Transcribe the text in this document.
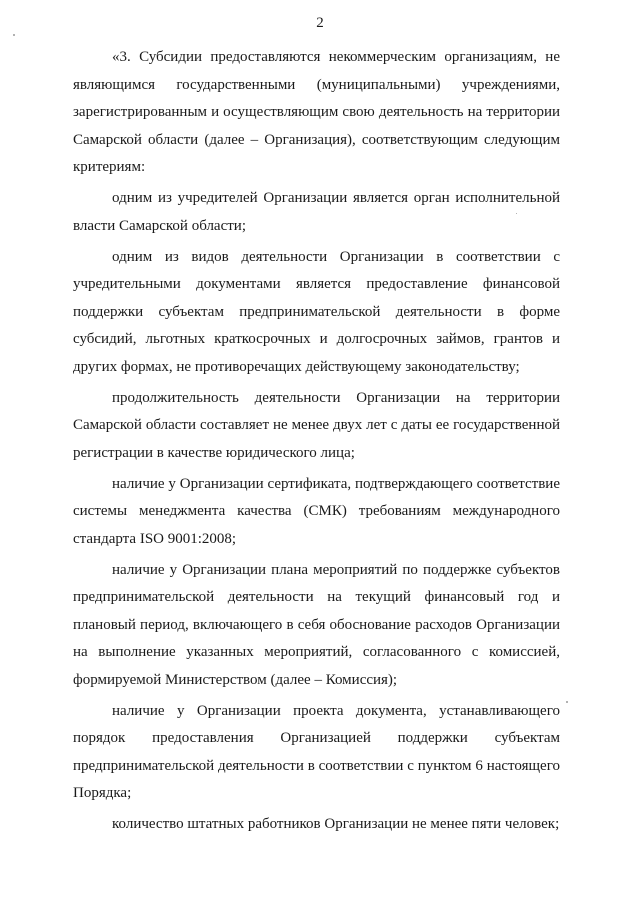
2

«3. Субсидии предоставляются некоммерческим организациям, не являющимся государственными (муниципальными) учреждениями, зарегистрированным и осуществляющим свою деятельность на территории Самарской области (далее – Организация), соответствующим следующим критериям:

одним из учредителей Организации является орган исполнительной власти Самарской области;

одним из видов деятельности Организации в соответствии с учредительными документами является предоставление финансовой поддержки субъектам предпринимательской деятельности в форме субсидий, льготных краткосрочных и долгосрочных займов, грантов и других формах, не противоречащих действующему законодательству;

продолжительность деятельности Организации на территории Самарской области составляет не менее двух лет с даты ее государственной регистрации в качестве юридического лица;

наличие у Организации сертификата, подтверждающего соответствие системы менеджмента качества (СМК) требованиям международного стандарта ISO 9001:2008;

наличие у Организации плана мероприятий по поддержке субъектов предпринимательской деятельности на текущий финансовый год и плановый период, включающего в себя обоснование расходов Организации на выполнение указанных мероприятий, согласованного с комиссией, формируемой Министерством (далее – Комиссия);

наличие у Организации проекта документа, устанавливающего порядок предоставления Организацией поддержки субъектам предпринимательской деятельности в соответствии с пунктом 6 настоящего Порядка;

количество штатных работников Организации не менее пяти человек;
